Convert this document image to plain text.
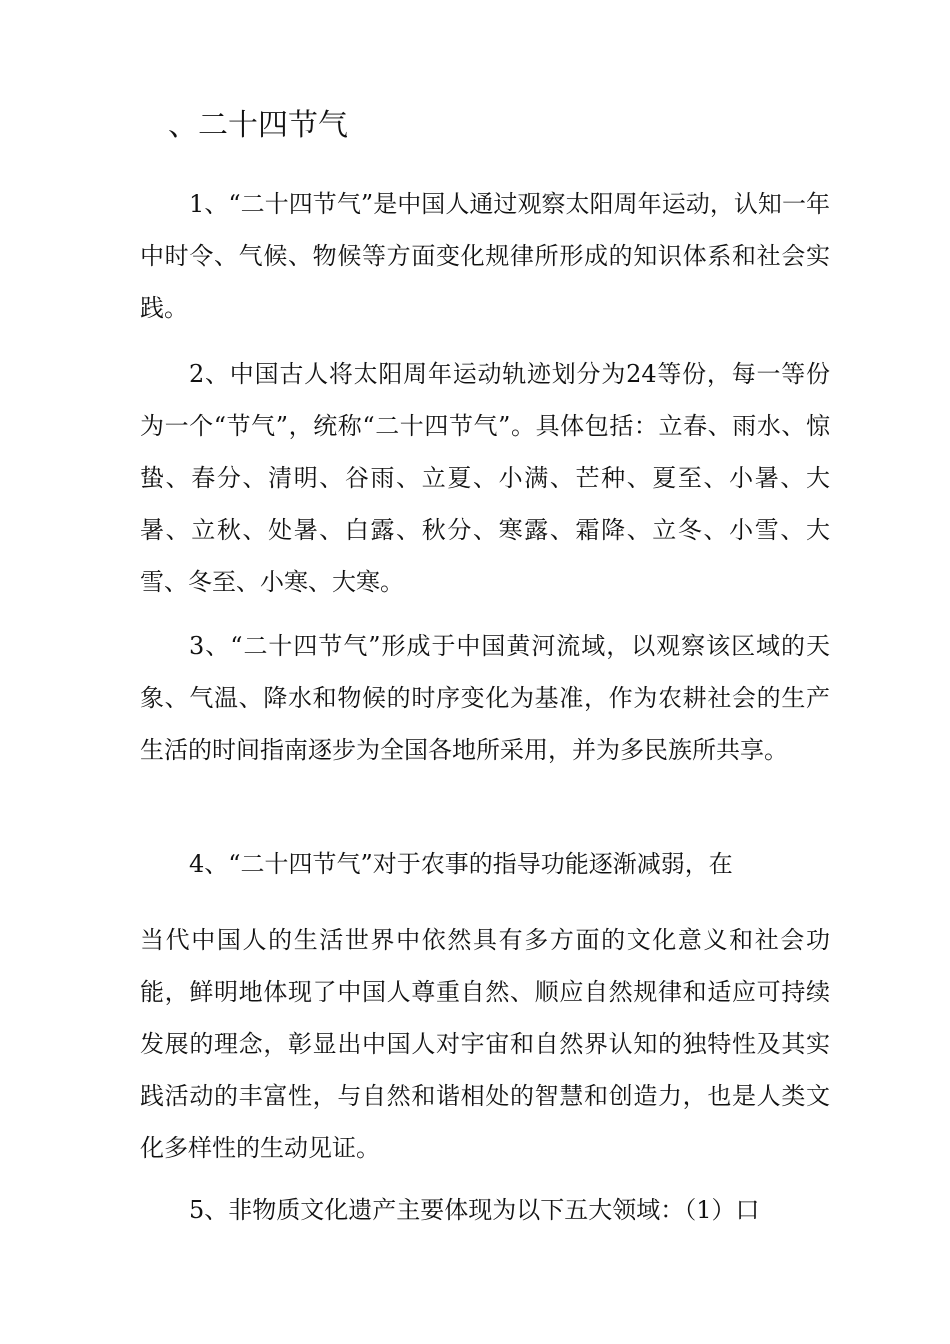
、二十四节气

1、“二十四节气”是中国人通过观察太阳周年运动，认知一年中时令、气候、物候等方面变化规律所形成的知识体系和社会实践。

2、中国古人将太阳周年运动轨迹划分为24等份，每一等份为一个“节气”，统称“二十四节气”。具体包括：立春、雨水、惊蛰、春分、清明、谷雨、立夏、小满、芒种、夏至、小暑、大暑、立秋、处暑、白露、秋分、寒露、霜降、立冬、小雪、大雪、冬至、小寒、大寒。

3、“二十四节气”形成于中国黄河流域，以观察该区域的天象、气温、降水和物候的时序变化为基准，作为农耕社会的生产生活的时间指南逐步为全国各地所采用，并为多民族所共享。

4、“二十四节气”对于农事的指导功能逐渐减弱，在

当代中国人的生活世界中依然具有多方面的文化意义和社会功能，鲜明地体现了中国人尊重自然、顺应自然规律和适应可持续发展的理念，彰显出中国人对宇宙和自然界认知的独特性及其实践活动的丰富性，与自然和谐相处的智慧和创造力，也是人类文化多样性的生动见证。

5、非物质文化遗产主要体现为以下五大领域：（1）口
